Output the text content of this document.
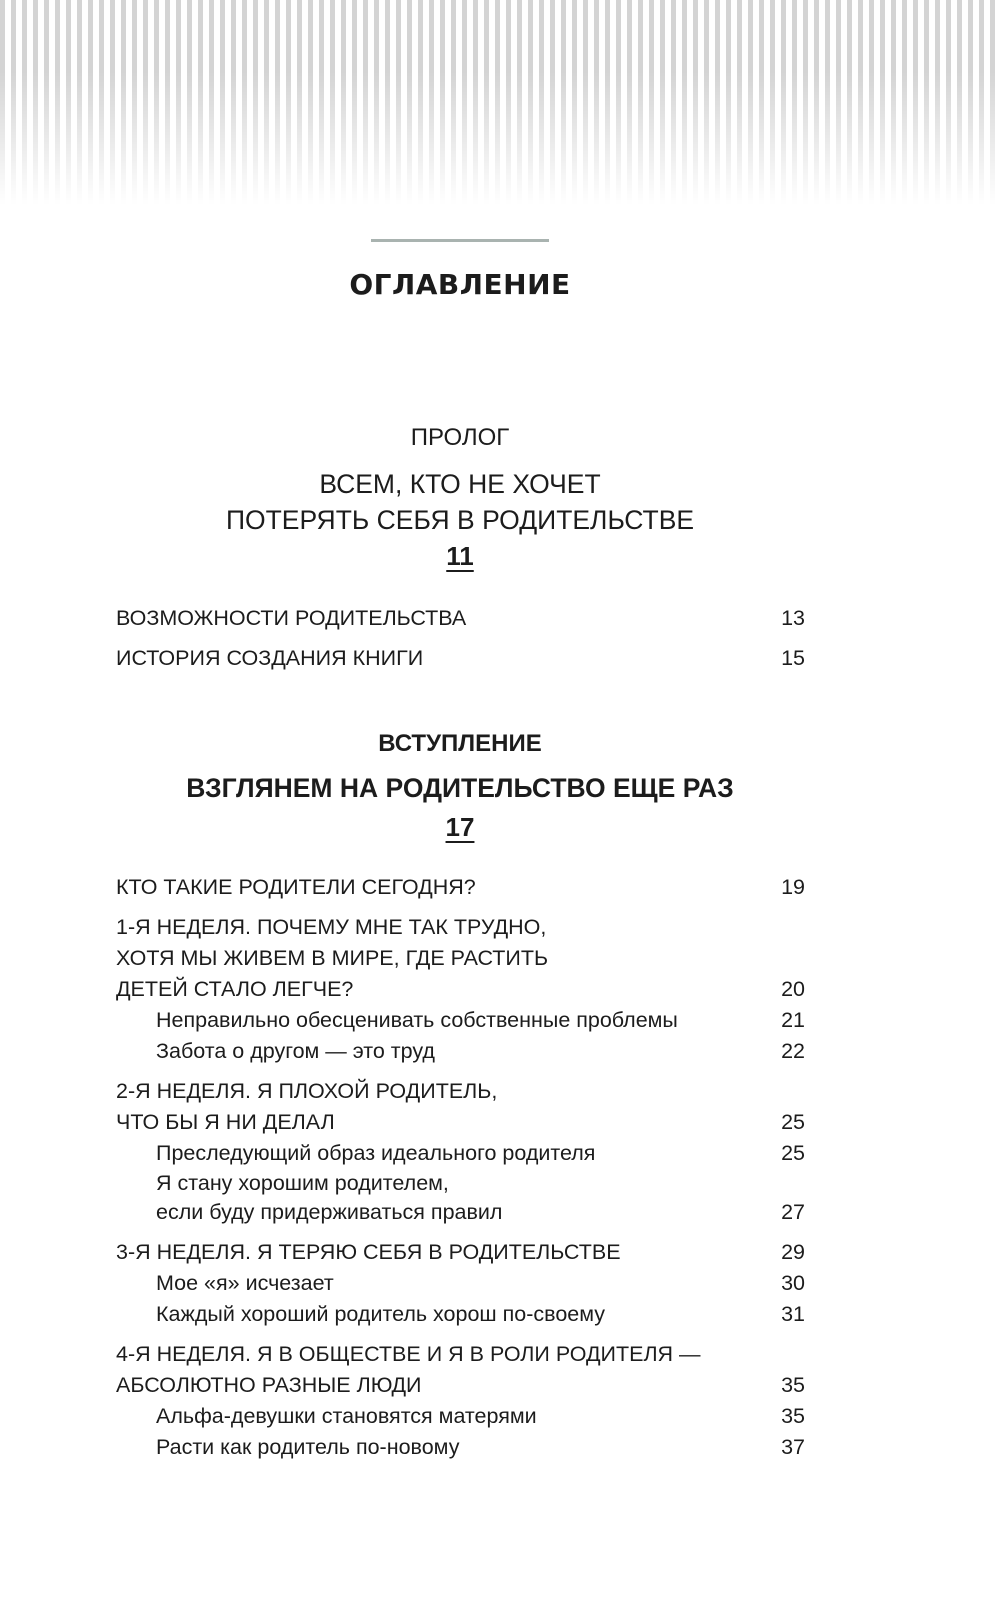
ОГЛАВЛЕНИЕ
ПРОЛОГ
ВСЕМ, КТО НЕ ХОЧЕТ
ПОТЕРЯТЬ СЕБЯ В РОДИТЕЛЬСТВЕ
11
ВОЗМОЖНОСТИ РОДИТЕЛЬСТВА	13
ИСТОРИЯ СОЗДАНИЯ КНИГИ	15
ВСТУПЛЕНИЕ
ВЗГЛЯНЕМ НА РОДИТЕЛЬСТВО ЕЩЕ РАЗ
17
КТО ТАКИЕ РОДИТЕЛИ СЕГОДНЯ?	19
1-Я НЕДЕЛЯ. ПОЧЕМУ МНЕ ТАК ТРУДНО,
ХОТЯ МЫ ЖИВЕМ В МИРЕ, ГДЕ РАСТИТЬ
ДЕТЕЙ СТАЛО ЛЕГЧЕ?	20
Неправильно обесценивать собственные проблемы	21
Забота о другом — это труд	22
2-Я НЕДЕЛЯ. Я ПЛОХОЙ РОДИТЕЛЬ,
ЧТО БЫ Я НИ ДЕЛАЛ	25
Преследующий образ идеального родителя	25
Я стану хорошим родителем,
если буду придерживаться правил	27
3-Я НЕДЕЛЯ. Я ТЕРЯЮ СЕБЯ В РОДИТЕЛЬСТВЕ	29
Мое «я» исчезает	30
Каждый хороший родитель хорош по-своему	31
4-Я НЕДЕЛЯ. Я В ОБЩЕСТВЕ И Я В РОЛИ РОДИТЕЛЯ —
АБСОЛЮТНО РАЗНЫЕ ЛЮДИ	35
Альфа-девушки становятся матерями	35
Расти как родитель по-новому	37
